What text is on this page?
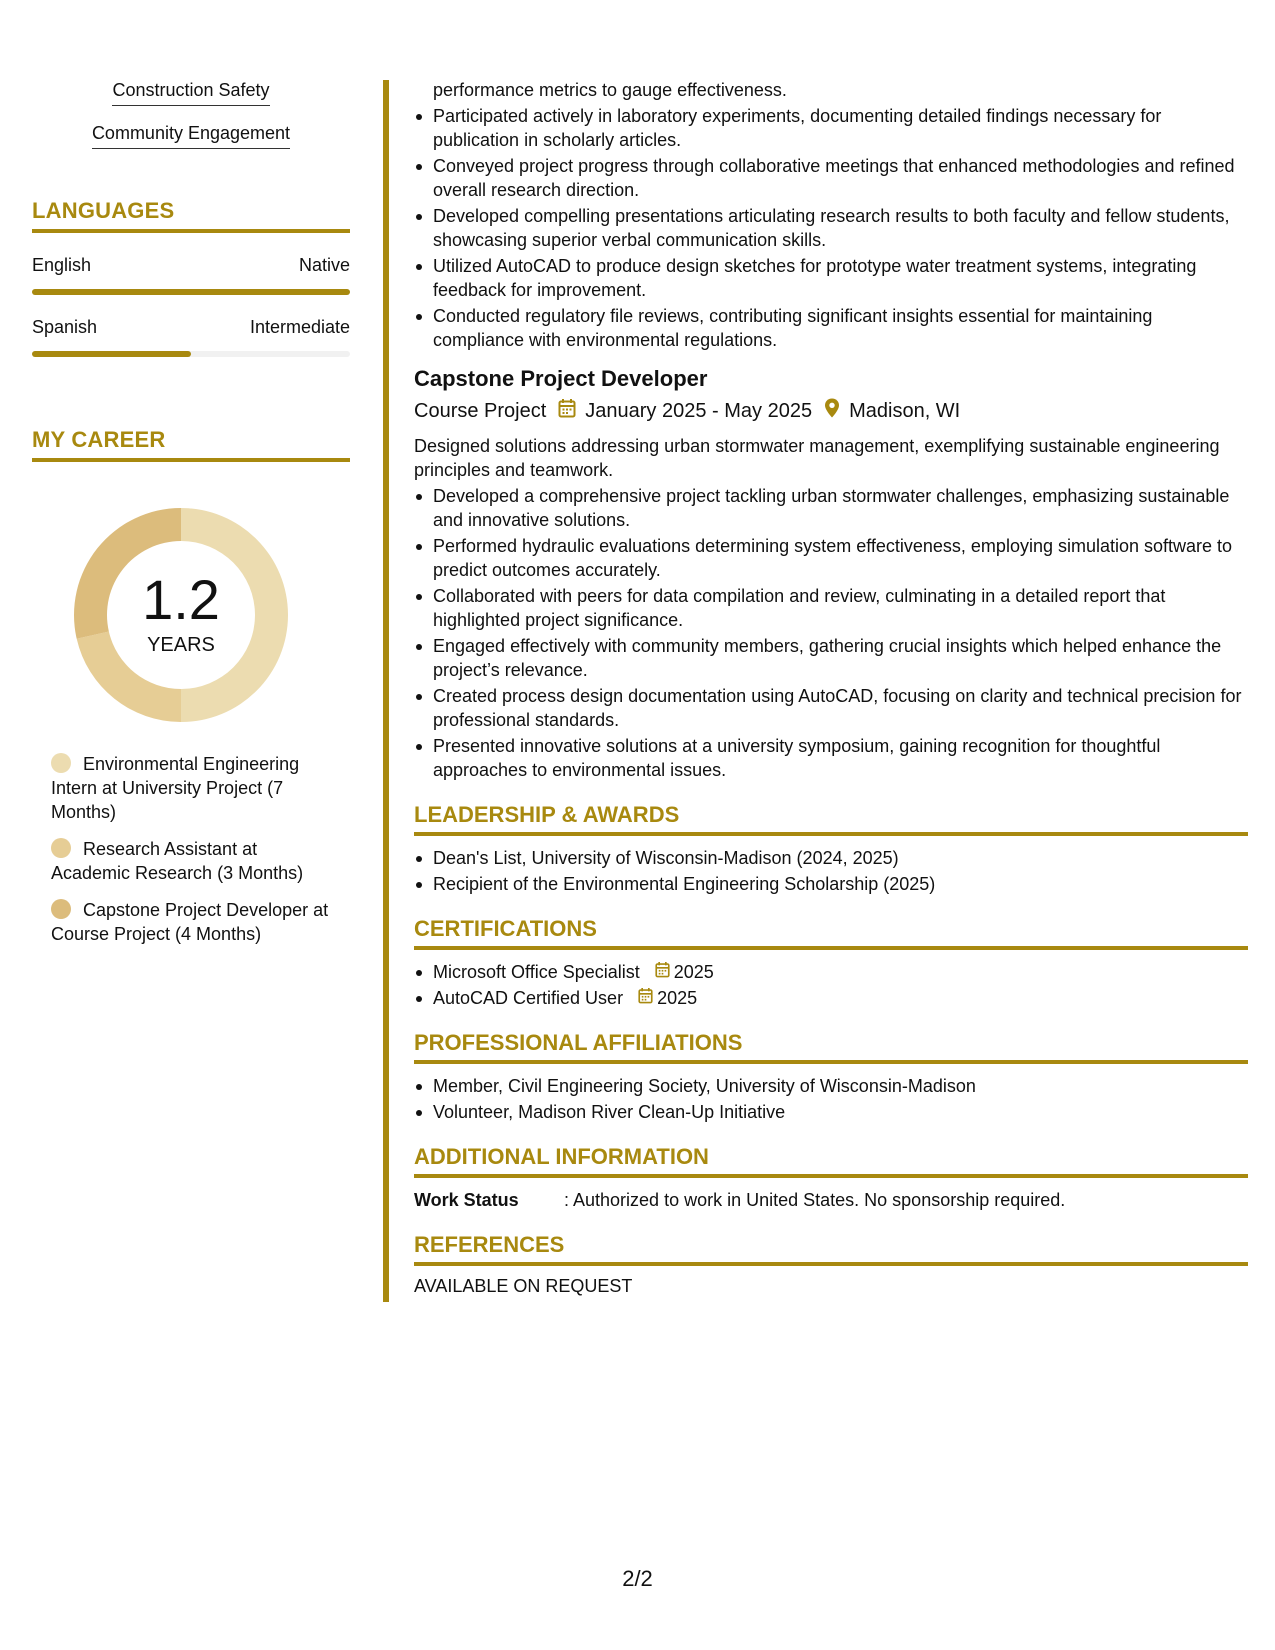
Construction Safety
Community Engagement
LANGUAGES
English	Native
Spanish	Intermediate
MY CAREER
1.2
YEARS
Environmental Engineering Intern at University Project (7 Months)
Research Assistant at Academic Research (3 Months)
Capstone Project Developer at Course Project (4 Months)
performance metrics to gauge effectiveness.
Participated actively in laboratory experiments, documenting detailed findings necessary for publication in scholarly articles.
Conveyed project progress through collaborative meetings that enhanced methodologies and refined overall research direction.
Developed compelling presentations articulating research results to both faculty and fellow students, showcasing superior verbal communication skills.
Utilized AutoCAD to produce design sketches for prototype water treatment systems, integrating feedback for improvement.
Conducted regulatory file reviews, contributing significant insights essential for maintaining compliance with environmental regulations.
Capstone Project Developer
Course Project January 2025 - May 2025 Madison, WI
Designed solutions addressing urban stormwater management, exemplifying sustainable engineering principles and teamwork.
Developed a comprehensive project tackling urban stormwater challenges, emphasizing sustainable and innovative solutions.
Performed hydraulic evaluations determining system effectiveness, employing simulation software to predict outcomes accurately.
Collaborated with peers for data compilation and review, culminating in a detailed report that highlighted project significance.
Engaged effectively with community members, gathering crucial insights which helped enhance the project’s relevance.
Created process design documentation using AutoCAD, focusing on clarity and technical precision for professional standards.
Presented innovative solutions at a university symposium, gaining recognition for thoughtful approaches to environmental issues.
LEADERSHIP & AWARDS
Dean's List, University of Wisconsin-Madison (2024, 2025)
Recipient of the Environmental Engineering Scholarship (2025)
CERTIFICATIONS
Microsoft Office Specialist 2025
AutoCAD Certified User 2025
PROFESSIONAL AFFILIATIONS
Member, Civil Engineering Society, University of Wisconsin-Madison
Volunteer, Madison River Clean-Up Initiative
ADDITIONAL INFORMATION
Work Status	: Authorized to work in United States. No sponsorship required.
REFERENCES
AVAILABLE ON REQUEST
2/2
